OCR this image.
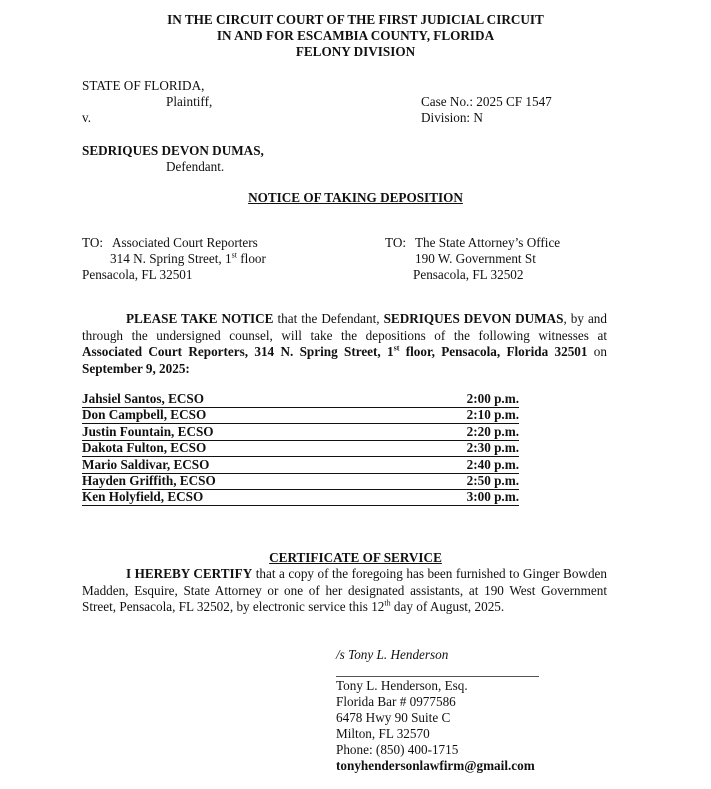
IN THE CIRCUIT COURT OF THE FIRST JUDICIAL CIRCUIT
IN AND FOR ESCAMBIA COUNTY, FLORIDA
FELONY DIVISION
STATE OF FLORIDA,
Plaintiff,
v.
Case No.: 2025 CF 1547
Division: N
SEDRIQUES DEVON DUMAS,
Defendant.
NOTICE OF TAKING DEPOSITION
TO: Associated Court Reporters
314 N. Spring Street, 1st floor
Pensacola, FL 32501
TO: The State Attorney’s Office
190 W. Government St
Pensacola, FL 32502
PLEASE TAKE NOTICE that the Defendant, SEDRIQUES DEVON DUMAS, by and through the undersigned counsel, will take the depositions of the following witnesses at Associated Court Reporters, 314 N. Spring Street, 1st floor, Pensacola, Florida 32501 on September 9, 2025:
Jahsiel Santos, ECSO	2:00 p.m.
Don Campbell, ECSO	2:10 p.m.
Justin Fountain, ECSO	2:20 p.m.
Dakota Fulton, ECSO	2:30 p.m.
Mario Saldivar, ECSO	2:40 p.m.
Hayden Griffith, ECSO	2:50 p.m.
Ken Holyfield, ECSO	3:00 p.m.
CERTIFICATE OF SERVICE
I HEREBY CERTIFY that a copy of the foregoing has been furnished to Ginger Bowden Madden, Esquire, State Attorney or one of her designated assistants, at 190 West Government Street, Pensacola, FL 32502, by electronic service this 12th day of August, 2025.
/s Tony L. Henderson
Tony L. Henderson, Esq.
Florida Bar # 0977586
6478 Hwy 90 Suite C
Milton, FL 32570
Phone: (850) 400-1715
tonyhendersonlawfirm@gmail.com
